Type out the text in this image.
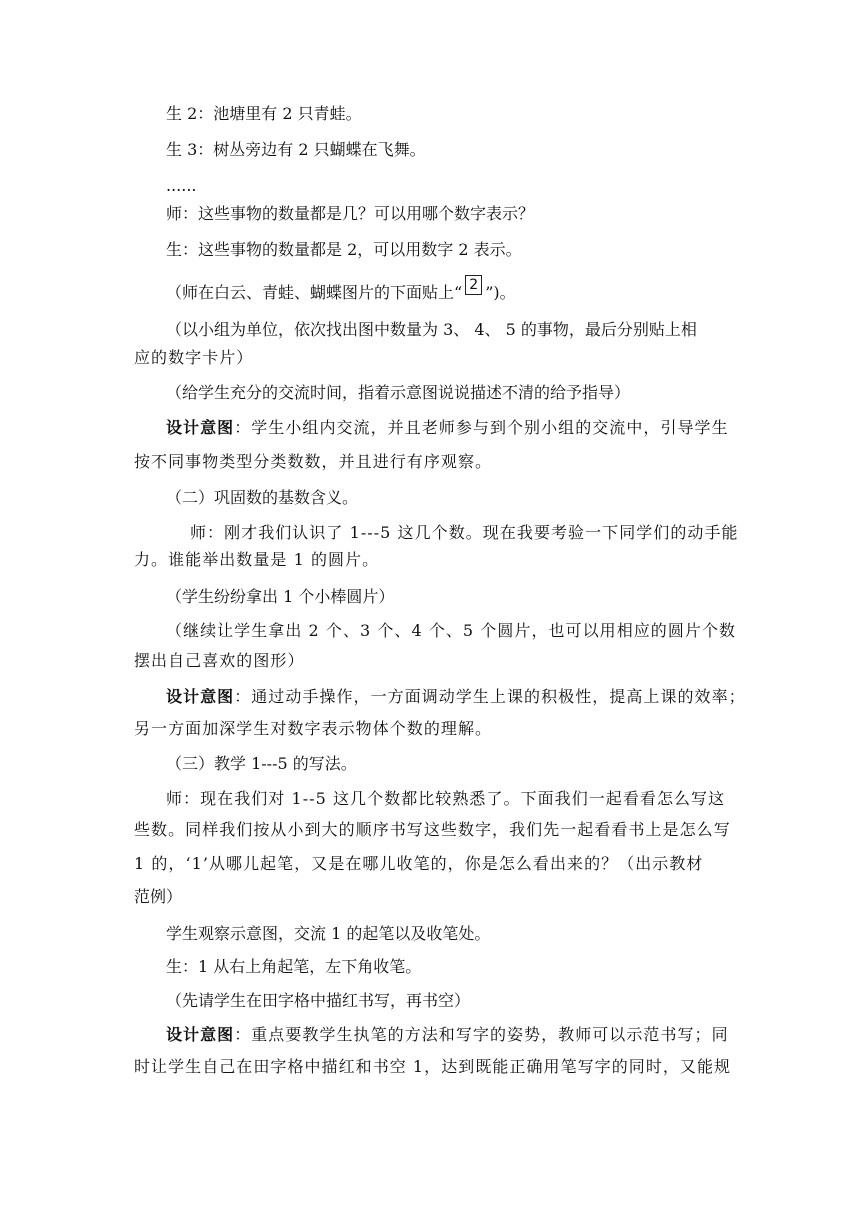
生 2：池塘里有 2 只青蛙。
生 3：树丛旁边有 2 只蝴蝶在飞舞。
......
师：这些事物的数量都是几？可以用哪个数字表示？
生：这些事物的数量都是 2，可以用数字 2 表示。
（师在白云、青蛙、蝴蝶图片的下面贴上“ 2 ”)。
（以小组为单位，依次找出图中数量为 3、 4、 5 的事物，最后分别贴上相
应的数字卡片）
（给学生充分的交流时间，指着示意图说说描述不清的给予指导）
设计意图：学生小组内交流，并且老师参与到个别小组的交流中，引导学生
按不同事物类型分类数数，并且进行有序观察。
（二）巩固数的基数含义。
师：刚才我们认识了 1---5 这几个数。现在我要考验一下同学们的动手能
力。谁能举出数量是 1 的圆片。
（学生纷纷拿出 1 个小棒圆片）
（继续让学生拿出 2 个、3 个、4 个、5 个圆片，也可以用相应的圆片个数
摆出自己喜欢的图形）
设计意图：通过动手操作，一方面调动学生上课的积极性，提高上课的效率；
另一方面加深学生对数字表示物体个数的理解。
（三）教学 1---5 的写法。
师：现在我们对 1--5 这几个数都比较熟悉了。下面我们一起看看怎么写这
些数。同样我们按从小到大的顺序书写这些数字，我们先一起看看书上是怎么写
1 的，‘1’从哪儿起笔，又是在哪儿收笔的，你是怎么看出来的？（出示教材
范例）
学生观察示意图，交流 1 的起笔以及收笔处。
生：1 从右上角起笔，左下角收笔。
（先请学生在田字格中描红书写，再书空）
设计意图：重点要教学生执笔的方法和写字的姿势，教师可以示范书写；同
时让学生自己在田字格中描红和书空 1，达到既能正确用笔写字的同时，又能规
